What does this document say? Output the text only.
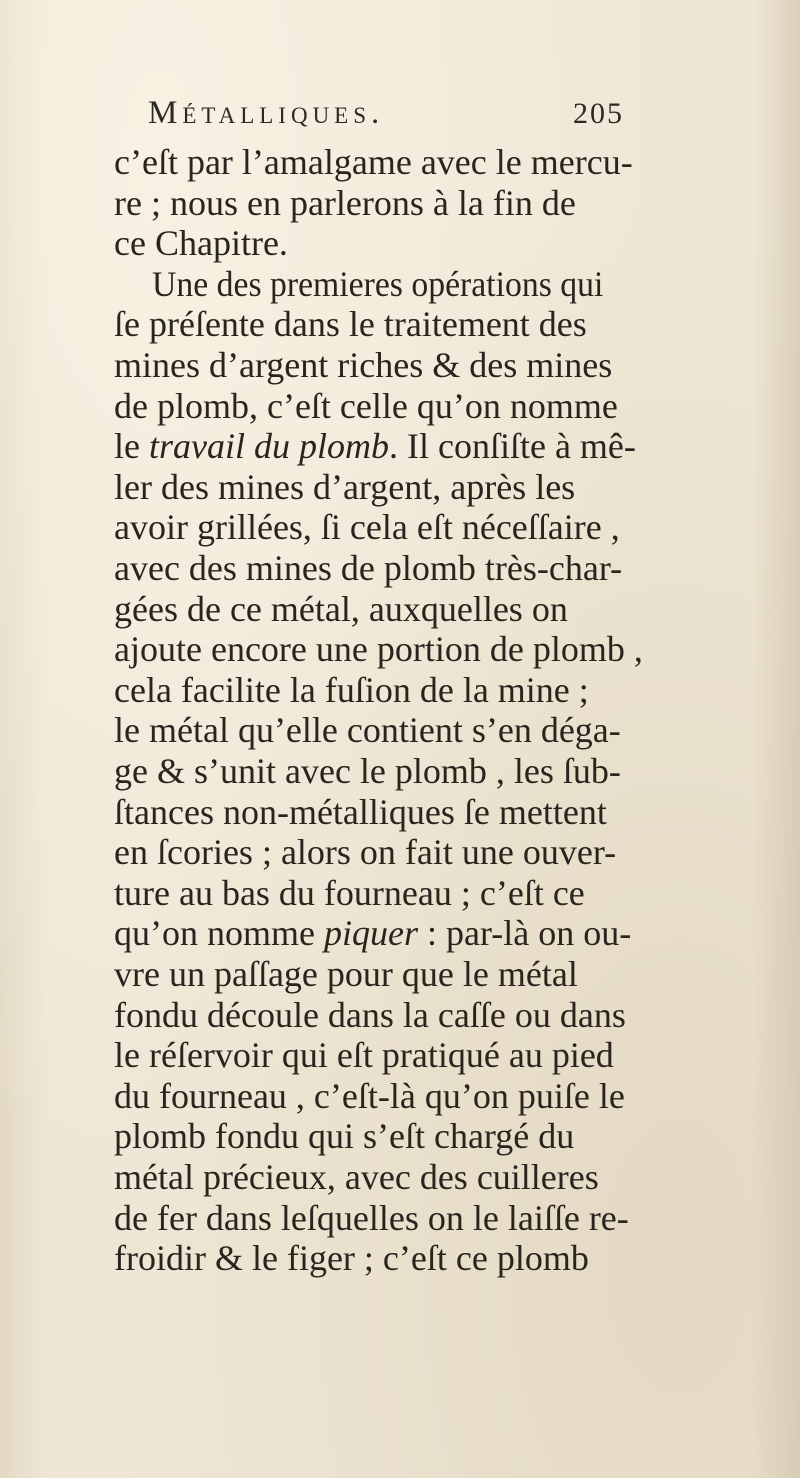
Métalliques.	205
c’eſt par l’amalgame avec le mercu-
re ; nous en parlerons à la fin de
ce Chapitre.
Une des premieres opérations qui
ſe préſente dans le traitement des
mines d’argent riches & des mines
de plomb, c’eſt celle qu’on nomme
le travail du plomb. Il conſiſte à mê-
ler des mines d’argent, après les
avoir grillées, ſi cela eſt néceſſaire ,
avec des mines de plomb très-char-
gées de ce métal, auxquelles on
ajoute encore une portion de plomb ,
cela facilite la fuſion de la mine ;
le métal qu’elle contient s’en déga-
ge & s’unit avec le plomb , les ſub-
ſtances non-métalliques ſe mettent
en ſcories ; alors on fait une ouver-
ture au bas du fourneau ; c’eſt ce
qu’on nomme piquer : par-là on ou-
vre un paſſage pour que le métal
fondu découle dans la caſſe ou dans
le réſervoir qui eſt pratiqué au pied
du fourneau , c’eſt-là qu’on puiſe le
plomb fondu qui s’eſt chargé du
métal précieux, avec des cuilleres
de fer dans leſquelles on le laiſſe re-
froidir & le figer ; c’eſt ce plomb
